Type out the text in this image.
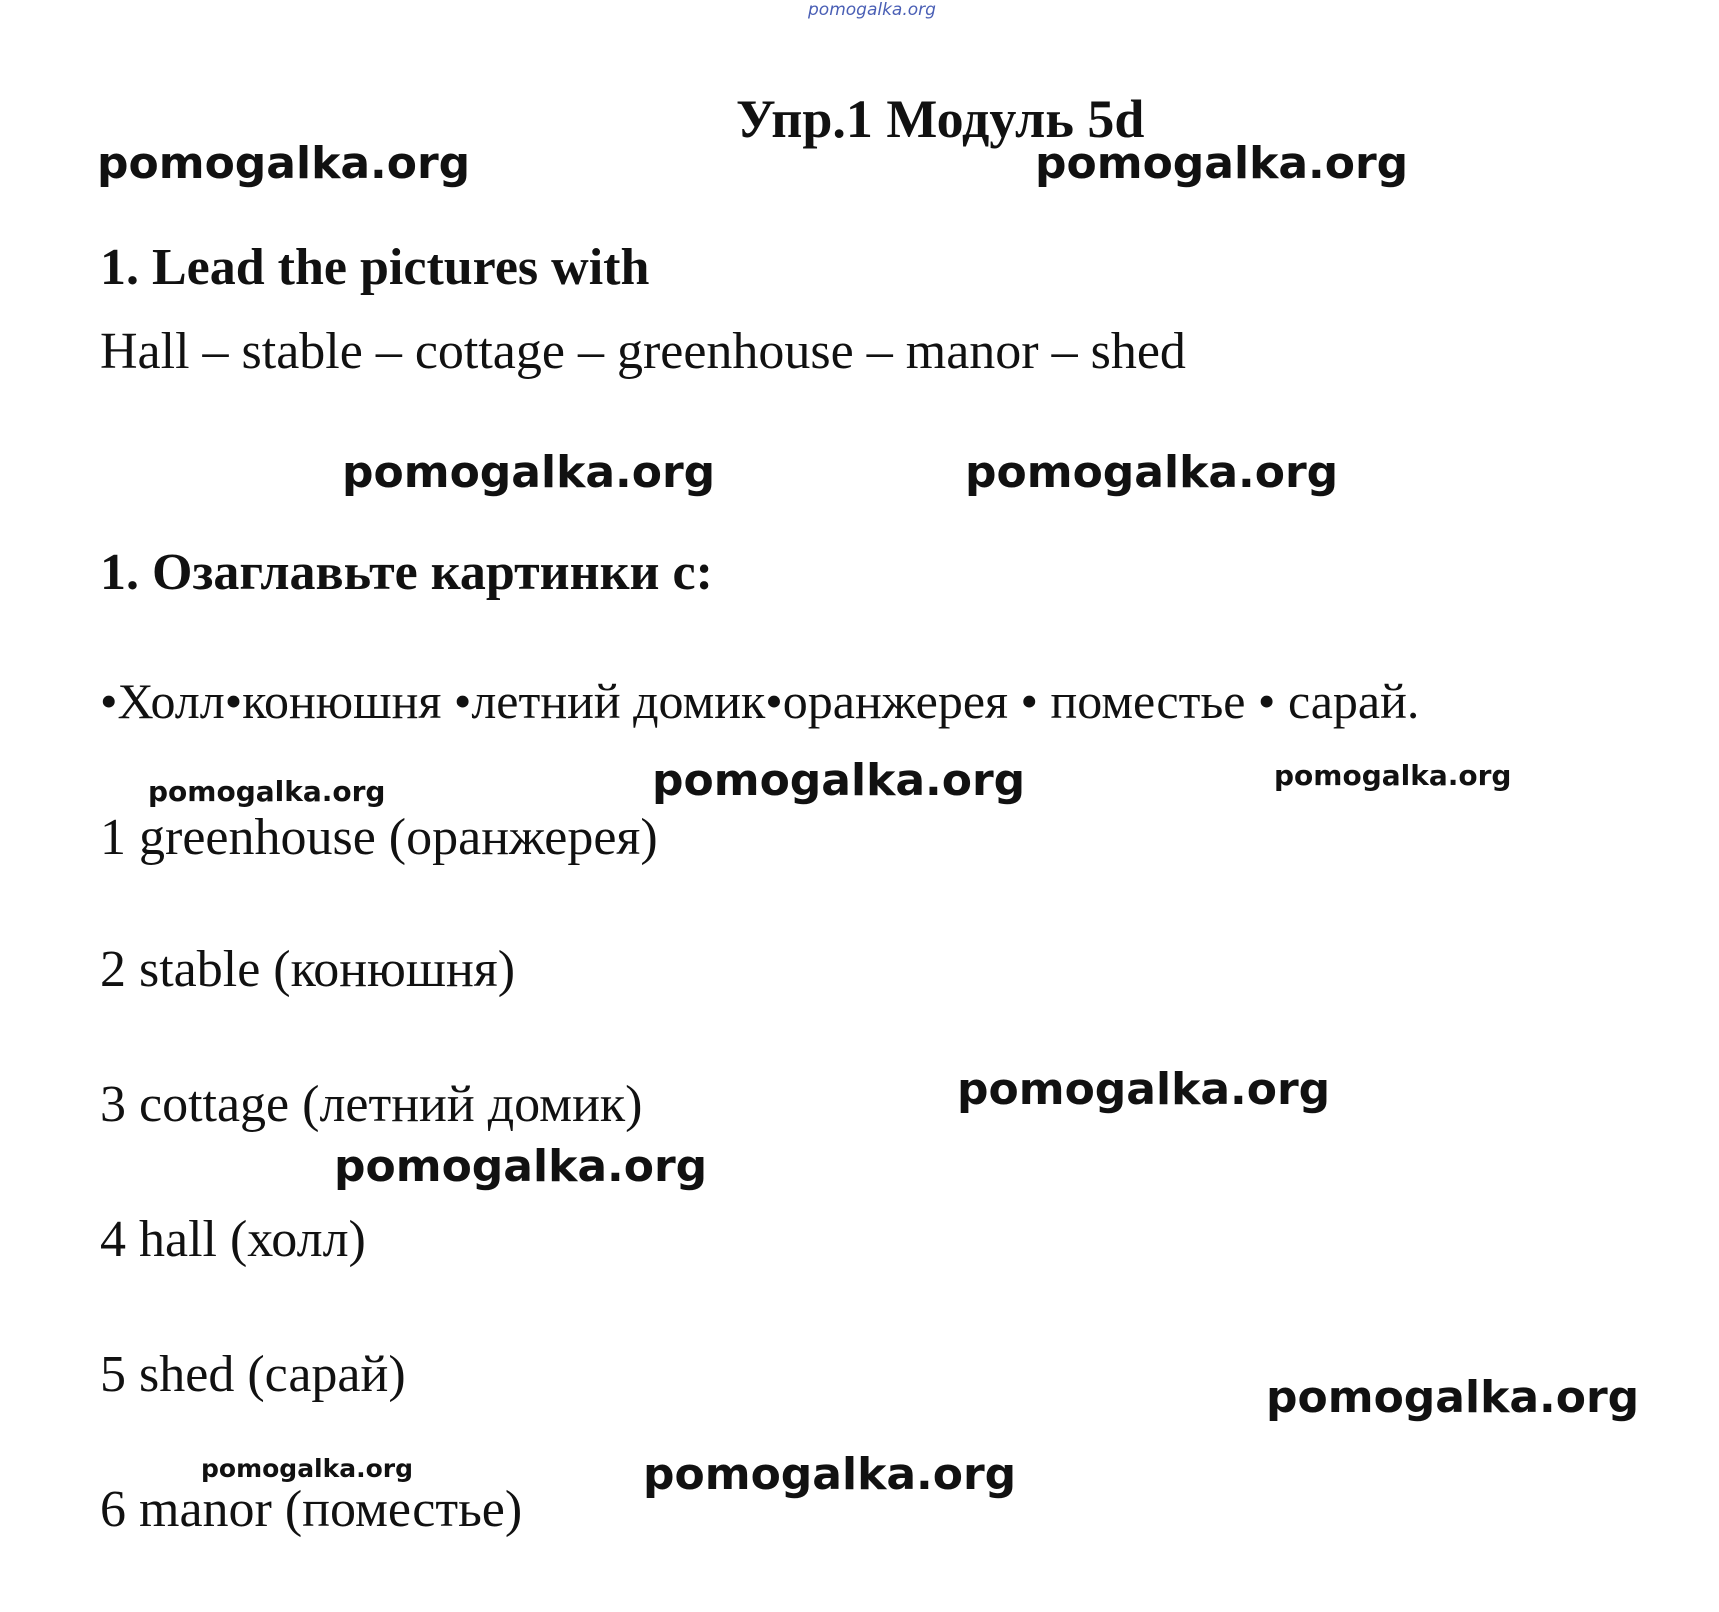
pomogalka.org
Упр.1 Модуль 5d
pomogalka.org	pomogalka.org
1. Lead the pictures with
Hall – stable – cottage – greenhouse – manor – shed
pomogalka.org	pomogalka.org
1. Озаглавьте картинки с:
•Холл•конюшня •летний домик•оранжерея • поместье • сарай.
pomogalka.org	pomogalka.org	pomogalka.org
1 greenhouse (оранжерея)
2 stable (конюшня)
pomogalka.org
3 cottage (летний домик)
pomogalka.org
4 hall (холл)
5 shed (сарай)	pomogalka.org
pomogalka.org	pomogalka.org
6 manor (поместье)
